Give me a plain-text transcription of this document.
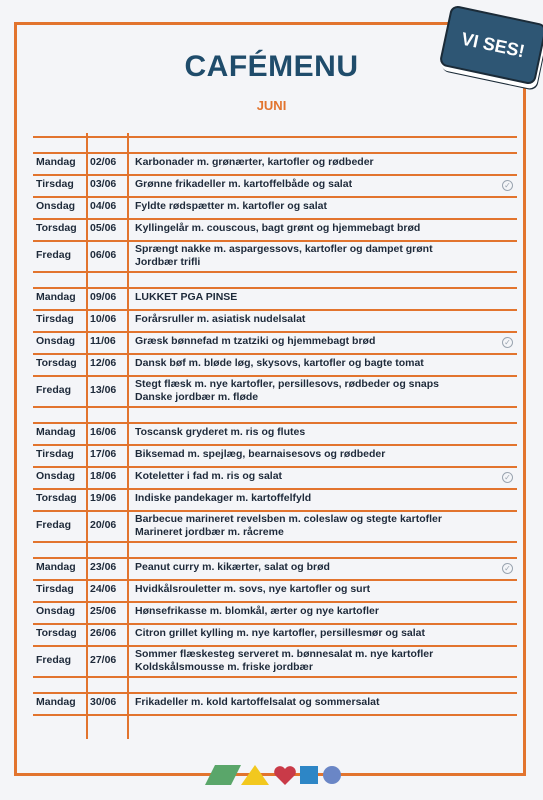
VI SES!
CAFÉMENU
JUNI
Mandag	02/06	Karbonader m. grønærter, kartofler og rødbeder
Tirsdag	03/06	Grønne frikadeller m. kartoffelbåde og salat	✓
Onsdag	04/06	Fyldte rødspætter m. kartofler og salat
Torsdag	05/06	Kyllingelår m. couscous, bagt grønt og hjemmebagt brød
Fredag	06/06	Sprængt nakke m. aspargessovs, kartofler og dampet grønt
Jordbær trifli
Mandag	09/06	LUKKET PGA PINSE
Tirsdag	10/06	Forårsruller m. asiatisk nudelsalat
Onsdag	11/06	Græsk bønnefad m tzatziki og hjemmebagt brød	✓
Torsdag	12/06	Dansk bøf m. bløde løg, skysovs, kartofler og bagte tomat
Fredag	13/06	Stegt flæsk m. nye kartofler, persillesovs, rødbeder og snaps
Danske jordbær m. fløde
Mandag	16/06	Toscansk gryderet m. ris og flutes
Tirsdag	17/06	Biksemad m. spejlæg, bearnaisesovs og rødbeder
Onsdag	18/06	Koteletter i fad m. ris og salat	✓
Torsdag	19/06	Indiske pandekager m. kartoffelfyld
Fredag	20/06	Barbecue marineret revelsben m. coleslaw og stegte kartofler
Marineret jordbær m. råcreme
Mandag	23/06	Peanut curry m. kikærter, salat og brød	✓
Tirsdag	24/06	Hvidkålsrouletter m. sovs, nye kartofler og surt
Onsdag	25/06	Hønsefrikasse m. blomkål, ærter og nye kartofler
Torsdag	26/06	Citron grillet kylling m. nye kartofler, persillesmør og salat
Fredag	27/06	Sommer flæskesteg serveret m. bønnesalat m. nye kartofler
Koldskålsmousse m. friske jordbær
Mandag	30/06	Frikadeller m. kold kartoffelsalat og sommersalat
